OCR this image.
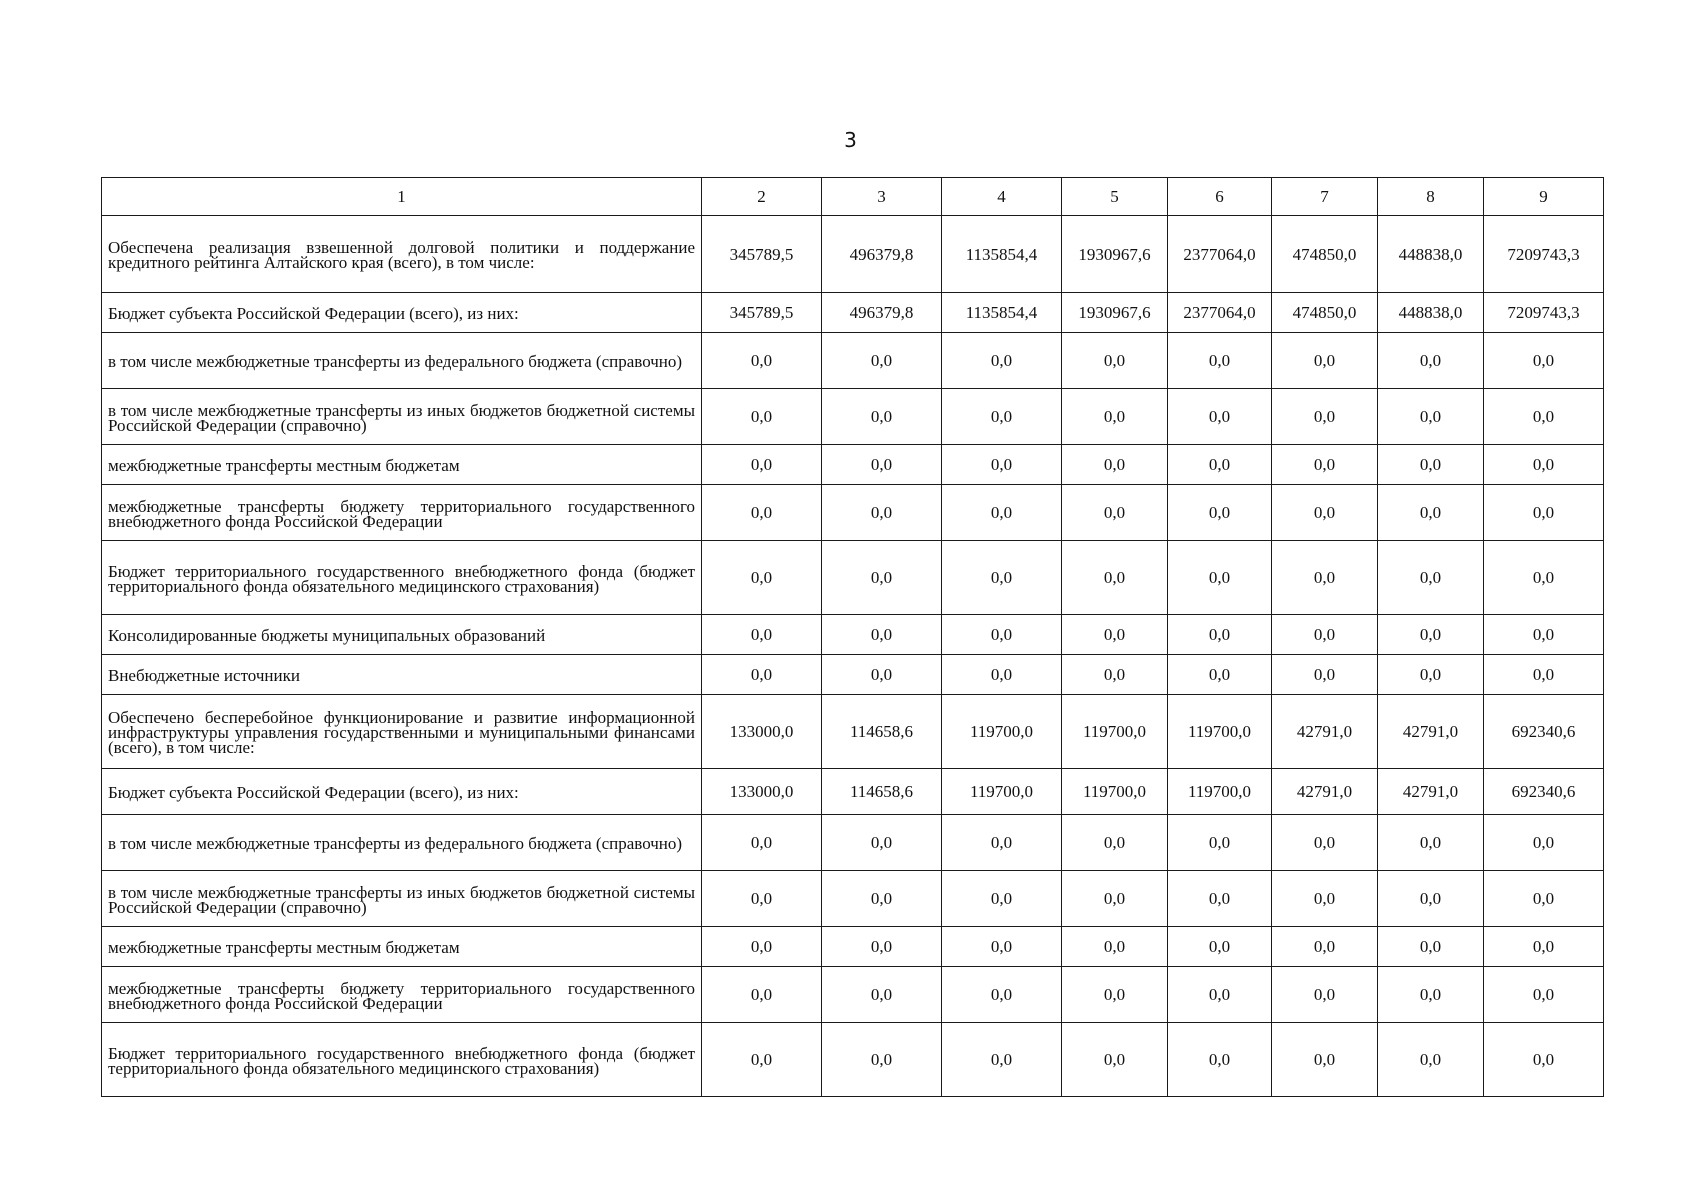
3
1	2	3	4	5	6	7	8	9
Обеспечена реализация взвешенной долговой политики и поддержание кредитного рейтинга Алтайского края (всего), в том числе:	345789,5	496379,8	1135854,4	1930967,6	2377064,0	474850,0	448838,0	7209743,3
Бюджет субъекта Российской Федерации (всего), из них:	345789,5	496379,8	1135854,4	1930967,6	2377064,0	474850,0	448838,0	7209743,3
в том числе межбюджетные трансферты из федерального бюджета (справочно)	0,0	0,0	0,0	0,0	0,0	0,0	0,0	0,0
в том числе межбюджетные трансферты из иных бюджетов бюджетной системы Российской Федерации (справочно)	0,0	0,0	0,0	0,0	0,0	0,0	0,0	0,0
межбюджетные трансферты местным бюджетам	0,0	0,0	0,0	0,0	0,0	0,0	0,0	0,0
межбюджетные трансферты бюджету территориального государственного внебюджетного фонда Российской Федерации	0,0	0,0	0,0	0,0	0,0	0,0	0,0	0,0
Бюджет территориального государственного внебюджетного фонда (бюджет территориального фонда обязательного медицинского страхования)	0,0	0,0	0,0	0,0	0,0	0,0	0,0	0,0
Консолидированные бюджеты муниципальных образований	0,0	0,0	0,0	0,0	0,0	0,0	0,0	0,0
Внебюджетные источники	0,0	0,0	0,0	0,0	0,0	0,0	0,0	0,0
Обеспечено бесперебойное функционирование и развитие информационной инфраструктуры управления государственными и муниципальными финансами (всего), в том числе:	133000,0	114658,6	119700,0	119700,0	119700,0	42791,0	42791,0	692340,6
Бюджет субъекта Российской Федерации (всего), из них:	133000,0	114658,6	119700,0	119700,0	119700,0	42791,0	42791,0	692340,6
в том числе межбюджетные трансферты из федерального бюджета (справочно)	0,0	0,0	0,0	0,0	0,0	0,0	0,0	0,0
в том числе межбюджетные трансферты из иных бюджетов бюджетной системы Российской Федерации (справочно)	0,0	0,0	0,0	0,0	0,0	0,0	0,0	0,0
межбюджетные трансферты местным бюджетам	0,0	0,0	0,0	0,0	0,0	0,0	0,0	0,0
межбюджетные трансферты бюджету территориального государственного внебюджетного фонда Российской Федерации	0,0	0,0	0,0	0,0	0,0	0,0	0,0	0,0
Бюджет территориального государственного внебюджетного фонда (бюджет территориального фонда обязательного медицинского страхования)	0,0	0,0	0,0	0,0	0,0	0,0	0,0	0,0
